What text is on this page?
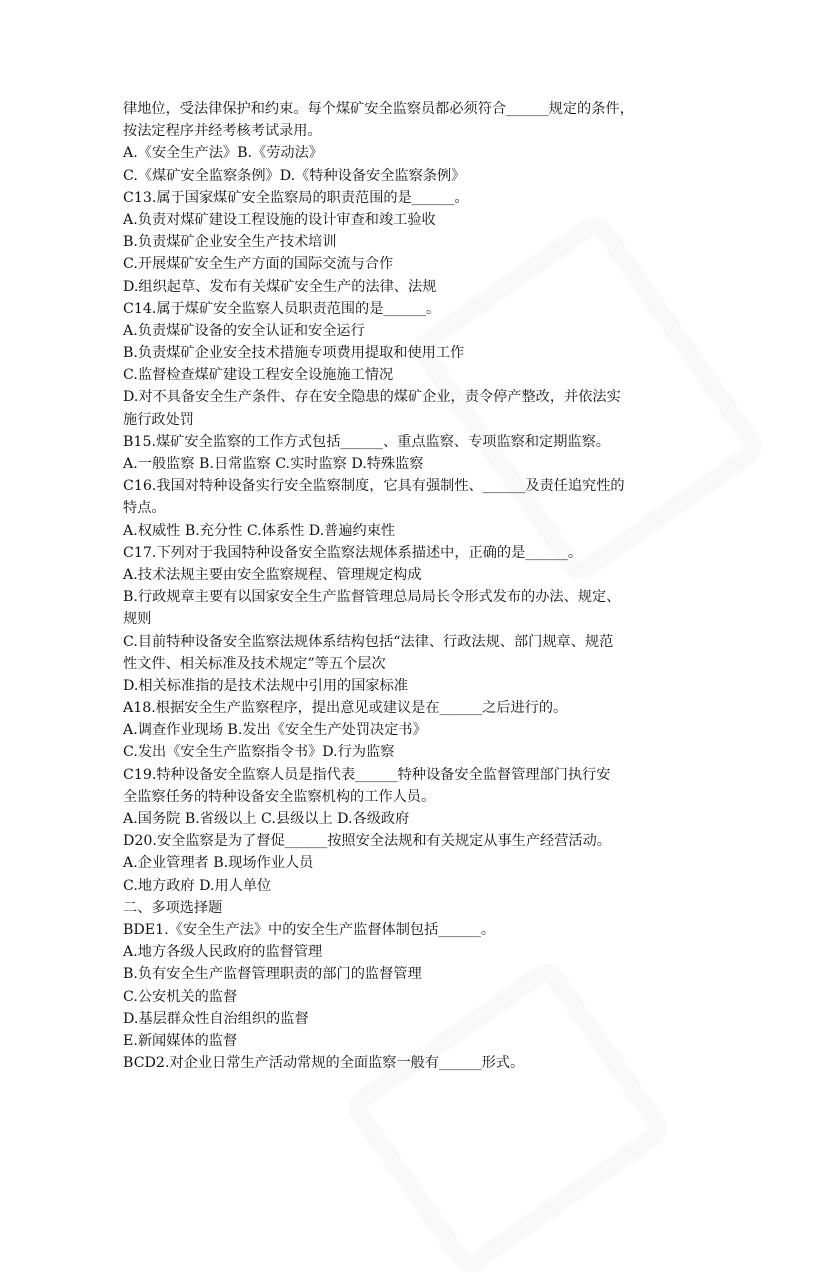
律地位，受法律保护和约束。每个煤矿安全监察员都必须符合______规定的条件，
按法定程序并经考核考试录用。
A.《安全生产法》B.《劳动法》
C.《煤矿安全监察条例》D.《特种设备安全监察条例》
C13.属于国家煤矿安全监察局的职责范围的是______。
A.负责对煤矿建设工程设施的设计审查和竣工验收
B.负责煤矿企业安全生产技术培训
C.开展煤矿安全生产方面的国际交流与合作
D.组织起草、发布有关煤矿安全生产的法律、法规
C14.属于煤矿安全监察人员职责范围的是______。
A.负责煤矿设备的安全认证和安全运行
B.负责煤矿企业安全技术措施专项费用提取和使用工作
C.监督检查煤矿建设工程安全设施施工情况
D.对不具备安全生产条件、存在安全隐患的煤矿企业，责令停产整改，并依法实
施行政处罚
B15.煤矿安全监察的工作方式包括______、重点监察、专项监察和定期监察。
A.一般监察 B.日常监察 C.实时监察 D.特殊监察
C16.我国对特种设备实行安全监察制度，它具有强制性、______及责任追究性的
特点。
A.权威性 B.充分性 C.体系性 D.普遍约束性
C17.下列对于我国特种设备安全监察法规体系描述中，正确的是______。
A.技术法规主要由安全监察规程、管理规定构成
B.行政规章主要有以国家安全生产监督管理总局局长令形式发布的办法、规定、
规则
C.目前特种设备安全监察法规体系结构包括“法律、行政法规、部门规章、规范
性文件、相关标准及技术规定”等五个层次
D.相关标准指的是技术法规中引用的国家标准
A18.根据安全生产监察程序，提出意见或建议是在______之后进行的。
A.调查作业现场 B.发出《安全生产处罚决定书》
C.发出《安全生产监察指令书》D.行为监察
C19.特种设备安全监察人员是指代表______特种设备安全监督管理部门执行安
全监察任务的特种设备安全监察机构的工作人员。
A.国务院 B.省级以上 C.县级以上 D.各级政府
D20.安全监察是为了督促______按照安全法规和有关规定从事生产经营活动。
A.企业管理者 B.现场作业人员
C.地方政府 D.用人单位
二、多项选择题
BDE1.《安全生产法》中的安全生产监督体制包括______。
A.地方各级人民政府的监督管理
B.负有安全生产监督管理职责的部门的监督管理
C.公安机关的监督
D.基层群众性自治组织的监督
E.新闻媒体的监督
BCD2.对企业日常生产活动常规的全面监察一般有______形式。
